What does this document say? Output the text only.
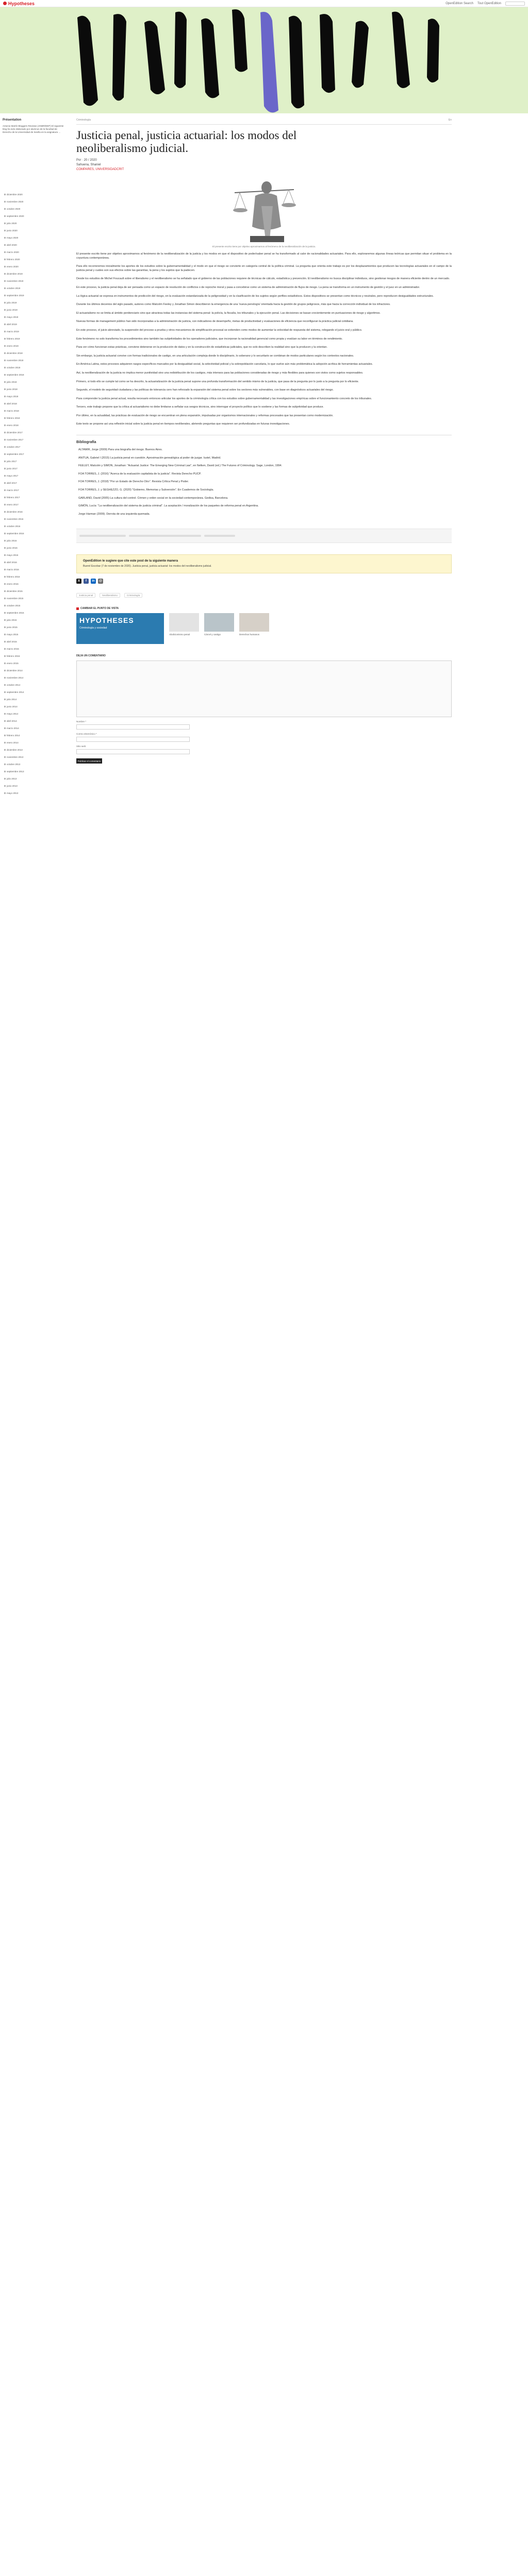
Hypotheses	OpenEdition Search Tout OpenEdition
Présentation
Antonio Martín Bloggers Reviews (ANBR/DEP) El siguiente blog ha sido elaborado por alumnos de la facultad de Derecho de la Universidad de Sevilla en la asignatura ...
diciembre 2020
noviembre 2020
octubre 2020
septiembre 2020
julio 2020
junio 2020
mayo 2020
abril 2020
marzo 2020
febrero 2020
enero 2020
diciembre 2019
noviembre 2019
octubre 2019
septiembre 2019
julio 2019
junio 2019
mayo 2019
abril 2019
marzo 2019
febrero 2019
enero 2019
diciembre 2018
noviembre 2018
octubre 2018
septiembre 2018
julio 2018
junio 2018
mayo 2018
abril 2018
marzo 2018
febrero 2018
enero 2018
diciembre 2017
noviembre 2017
octubre 2017
septiembre 2017
julio 2017
junio 2017
mayo 2017
abril 2017
marzo 2017
febrero 2017
enero 2017
diciembre 2016
noviembre 2016
octubre 2016
septiembre 2016
julio 2016
junio 2016
mayo 2016
abril 2016
marzo 2016
febrero 2016
enero 2016
diciembre 2015
noviembre 2015
octubre 2015
septiembre 2015
julio 2015
junio 2015
mayo 2015
abril 2015
marzo 2015
febrero 2015
enero 2015
diciembre 2014
noviembre 2014
octubre 2014
septiembre 2014
julio 2014
junio 2014
mayo 2014
abril 2014
marzo 2014
febrero 2014
enero 2014
diciembre 2013
noviembre 2013
octubre 2013
septiembre 2013
julio 2013
junio 2013
mayo 2013
Criminología	En
Justicia penal, justicia actuarial: los modos del neoliberalismo judicial.
Por · 20 / 2020
Sahuena, Shaniel
COMPARES, UNIVERSIDADCRIT
El presente escrito tiene por objetivo aproximarnos al fenómeno de la neoliberalización de la justicia.

El presente escrito tiene por objetivo aproximarnos al fenómeno de la neoliberalización de la justicia y los modos en que el dispositivo de poder/saber penal se ha transformado al calor de racionalidades actuariales. Para ello, exploraremos algunas líneas teóricas que permitan situar el problema en la coyuntura contemporánea.

Para ello recorreremos inicialmente los aportes de los estudios sobre la gubernamentalidad y el modo en que el riesgo se convierte en categoría central de la política criminal. La pregunta que orienta este trabajo es por los desplazamientos que producen las tecnologías actuariales en el campo de la justicia penal y cuáles son sus efectos sobre las garantías, la pena y los sujetos que la padecen.

Desde los estudios de Michel Foucault sobre el liberalismo y el neoliberalismo se ha señalado que el gobierno de las poblaciones requiere de técnicas de cálculo, estadística y prevención. El neoliberalismo no busca disciplinar individuos, sino gestionar riesgos de manera eficiente dentro de un mercado.

En este proceso, la justicia penal deja de ser pensada como un espacio de resolución de conflictos o de reproche moral y pasa a concebirse como un sistema de administración de flujos de riesgo. La pena se transforma en un instrumento de gestión y el juez en un administrador.

La lógica actuarial se expresa en instrumentos de predicción del riesgo, en la evaluación estandarizada de la peligrosidad y en la clasificación de los sujetos según perfiles estadísticos. Estos dispositivos se presentan como técnicos y neutrales, pero reproducen desigualdades estructurales.

Durante los últimos decenios del siglo pasado, autores como Malcolm Feeley y Jonathan Simon describieron la emergencia de una 'nueva penología' orientada hacia la gestión de grupos peligrosos, más que hacia la corrección individual de los infractores.

El actuarialismo no se limita al ámbito penitenciario sino que atraviesa todas las instancias del sistema penal: la policía, la fiscalía, los tribunales y la ejecución penal. Las decisiones se basan crecientemente en puntuaciones de riesgo y algoritmos.

Nuevas formas de management público han sido incorporadas a la administración de justicia, con indicadores de desempeño, metas de productividad y evaluaciones de eficiencia que reconfiguran la práctica judicial cotidiana.

En este proceso, el juicio abreviado, la suspensión del proceso a prueba y otros mecanismos de simplificación procesal se extienden como modos de aumentar la velocidad de respuesta del sistema, relegando el juicio oral y público.

Este fenómeno no solo transforma los procedimientos sino también las subjetividades de los operadores judiciales, que incorporan la racionalidad gerencial como propia y evalúan su labor en términos de rendimiento.

Para ver cómo funcionan estas prácticas, conviene detenerse en la producción de datos y en la construcción de estadísticas judiciales, que no solo describen la realidad sino que la producen y la orientan.

Sin embargo, la justicia actuarial convive con formas tradicionales de castigo, en una articulación compleja donde lo disciplinario, lo soberano y lo securitario se combinan de modos particulares según los contextos nacionales.

En América Latina, estos procesos adquieren rasgos específicos marcados por la desigualdad social, la selectividad policial y la sobrepoblación carcelaria, lo que vuelve aún más problemática la adopción acrítica de herramientas actuariales.

Así, la neoliberalización de la justicia no implica menor punitividad sino una redistribución de los castigos, más intensos para las poblaciones consideradas de riesgo y más flexibles para quienes son vistos como sujetos responsables.

Primero, si todo ello se cumple tal como se ha descrito, la actuarialización de la justicia penal supone una profunda transformación del sentido mismo de la justicia, que pasa de la pregunta por lo justo a la pregunta por lo eficiente.

Segundo, el modelo de seguridad ciudadana y las políticas de tolerancia cero han reforzado la expansión del sistema penal sobre los sectores más vulnerables, con base en diagnósticos actuariales del riesgo.

Para comprender la justicia penal actual, resulta necesario entonces articular los aportes de la criminología crítica con los estudios sobre gubernamentalidad y las investigaciones empíricas sobre el funcionamiento concreto de los tribunales.

Tercero, este trabajo propone que la crítica al actuarialismo no debe limitarse a señalar sus sesgos técnicos, sino interrogar el proyecto político que lo sostiene y las formas de subjetividad que produce.

Por último, en la actualidad, las prácticas de evaluación de riesgo se encuentran en plena expansión, impulsadas por organismos internacionales y reformas procesales que las presentan como modernización.

Este texto se propone así una reflexión inicial sobre la justicia penal en tiempos neoliberales, abriendo preguntas que requieren ser profundizadas en futuras investigaciones.

Bibliografía
ALTAMIR, Jorge (2009) Para una biografía del riesgo. Buenos Aires.
ANITUA, Gabriel I (2015) La justicia penal en cuestión. Aproximación genealógica al poder de juzgar. Iustel, Madrid.
FEELEY, Malcolm y SIMON, Jonathan: "Actuarial Justice: The Emerging New Criminal Law", en Nelken, David (ed.) The Futures of Criminology. Sage, London, 1994.
FOA TORRES, J. (2016) "Acerca de la evaluación capitalista de la justicia". Revista Derecho PUCP.
FOA TORRES, J. (2018) "Por un Estado de Derecho Otro". Revista Crítica Penal y Poder.
FOA TORRES, J. y SEGHEZZO, G. (2020) "Gobierno, Memorias y Subversión". En Cuadernos de Sociología.
GARLAND, David (2005) La cultura del control. Crimen y orden social en la sociedad contemporánea. Gedisa, Barcelona.
GIMÓN, Lucía: "La neoliberalización del sistema de justicia criminal". La aceptación / moralización de los paquetes de reforma penal en Argentina.
Jorge Harman (2009). Derrota de una izquierda quemada.
OpenEdition le sugiere que cite este post de la siguiente manera
Buerel Escobar (7 de noviembre de 2020). Justicia penal, justicia actuarial: los modos del neoliberalismo judicial.
X	f	in	@
Justicia penal	Neoliberalismo	Criminología
CAMBIAR EL PUNTO DE VISTA
HYPOTHESES
Criminología y sociedad
Abolicionismo penal	Cárcel y castigo	Derechos humanos
DEJA UN COMENTARIO
Nombre *
Correo electrónico *
Sitio web
Publicar el comentario
